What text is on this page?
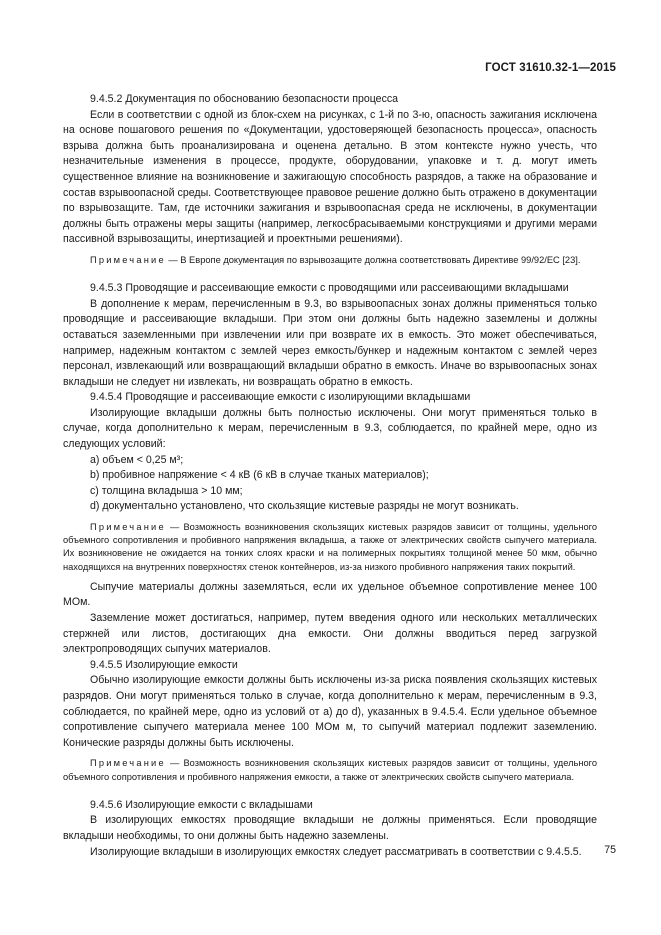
ГОСТ 31610.32-1—2015

9.4.5.2 Документация по обоснованию безопасности процесса

Если в соответствии с одной из блок-схем на рисунках, с 1-й по 3-ю, опасность зажигания исключена на основе пошагового решения по «Документации, удостоверяющей безопасность процесса», опасность взрыва должна быть проанализирована и оценена детально. В этом контексте нужно учесть, что незначительные изменения в процессе, продукте, оборудовании, упаковке и т. д. могут иметь существенное влияние на возникновение и зажигающую способность разрядов, а также на образование и состав взрывоопасной среды. Соответствующее правовое решение должно быть отражено в документации по взрывозащите. Там, где источники зажигания и взрывоопасная среда не исключены, в документации должны быть отражены меры защиты (например, легкосбрасываемыми конструкциями и другими мерами пассивной взрывозащиты, инертизацией и проектными решениями).

Примечание — В Европе документация по взрывозащите должна соответствовать Директиве 99/92/ЕС [23].

9.4.5.3 Проводящие и рассеивающие емкости с проводящими или рассеивающими вкладышами

В дополнение к мерам, перечисленным в 9.3, во взрывоопасных зонах должны применяться только проводящие и рассеивающие вкладыши. При этом они должны быть надежно заземлены и должны оставаться заземленными при извлечении или при возврате их в емкость. Это может обеспечиваться, например, надежным контактом с землей через емкость/бункер и надежным контактом с землей через персонал, извлекающий или возвращающий вкладыши обратно в емкость. Иначе во взрывоопасных зонах вкладыши не следует ни извлекать, ни возвращать обратно в емкость.

9.4.5.4 Проводящие и рассеивающие емкости с изолирующими вкладышами

Изолирующие вкладыши должны быть полностью исключены. Они могут применяться только в случае, когда дополнительно к мерам, перечисленным в 9.3, соблюдается, по крайней мере, одно из следующих условий:

a) объем < 0,25 м³;

b) пробивное напряжение < 4 кВ (6 кВ в случае тканых материалов);

c) толщина вкладыша > 10 мм;

d) документально установлено, что скользящие кистевые разряды не могут возникать.

Примечание — Возможность возникновения скользящих кистевых разрядов зависит от толщины, удельного объемного сопротивления и пробивного напряжения вкладыша, а также от электрических свойств сыпучего материала. Их возникновение не ожидается на тонких слоях краски и на полимерных покрытиях толщиной менее 50 мкм, обычно находящихся на внутренних поверхностях стенок контейнеров, из-за низкого пробивного напряжения таких покрытий.

Сыпучие материалы должны заземляться, если их удельное объемное сопротивление менее 100 МОм.

Заземление может достигаться, например, путем введения одного или нескольких металлических стержней или листов, достигающих дна емкости. Они должны вводиться перед загрузкой электропроводящих сыпучих материалов.

9.4.5.5 Изолирующие емкости

Обычно изолирующие емкости должны быть исключены из-за риска появления скользящих кистевых разрядов. Они могут применяться только в случае, когда дополнительно к мерам, перечисленным в 9.3, соблюдается, по крайней мере, одно из условий от a) до d), указанных в 9.4.5.4. Если удельное объемное сопротивление сыпучего материала менее 100 МОм м, то сыпучий материал подлежит заземлению. Конические разряды должны быть исключены.

Примечание — Возможность возникновения скользящих кистевых разрядов зависит от толщины, удельного объемного сопротивления и пробивного напряжения емкости, а также от электрических свойств сыпучего материала.

9.4.5.6 Изолирующие емкости с вкладышами

В изолирующих емкостях проводящие вкладыши не должны применяться. Если проводящие вкладыши необходимы, то они должны быть надежно заземлены.

Изолирующие вкладыши в изолирующих емкостях следует рассматривать в соответствии с 9.4.5.5.	75
